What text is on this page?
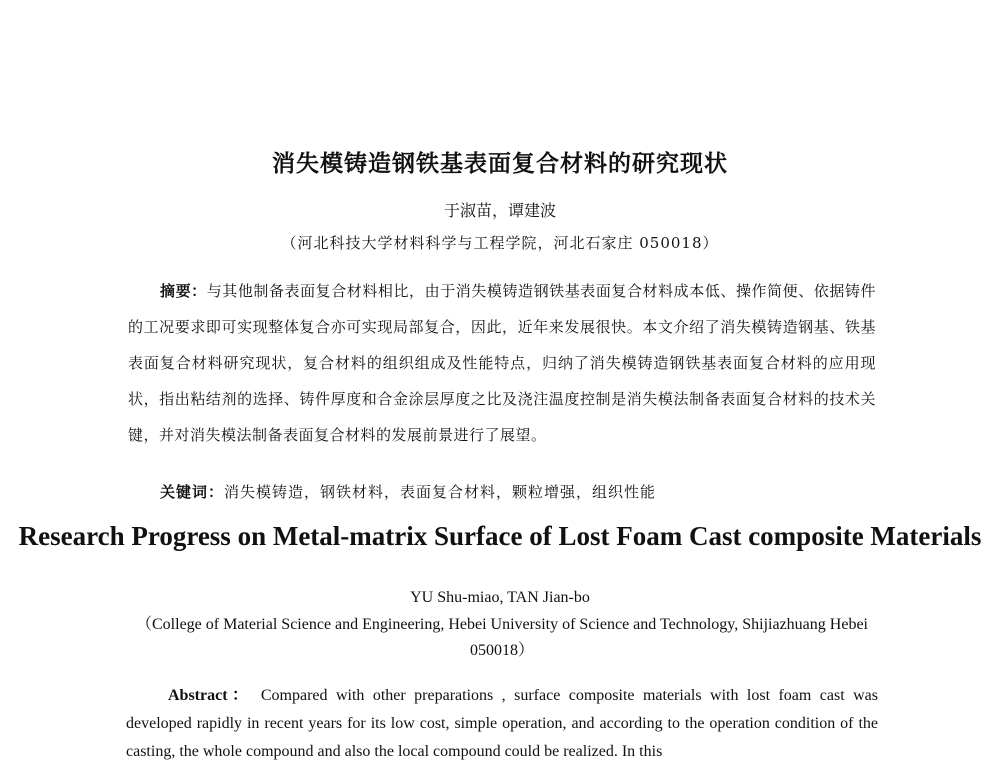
消失模铸造钢铁基表面复合材料的研究现状
于淑苗，谭建波
（河北科技大学材料科学与工程学院，河北石家庄 050018）
摘要：与其他制备表面复合材料相比，由于消失模铸造钢铁基表面复合材料成本低、操作简便、依据铸件的工况要求即可实现整体复合亦可实现局部复合，因此，近年来发展很快。本文介绍了消失模铸造钢基、铁基表面复合材料研究现状，复合材料的组织组成及性能特点，归纳了消失模铸造钢铁基表面复合材料的应用现状，指出粘结剂的选择、铸件厚度和合金涂层厚度之比及浇注温度控制是消失模法制备表面复合材料的技术关键，并对消失模法制备表面复合材料的发展前景进行了展望。
关键词：消失模铸造，钢铁材料，表面复合材料，颗粒增强，组织性能
Research Progress on Metal-matrix Surface of Lost Foam Cast composite Materials
YU Shu-miao, TAN Jian-bo
（College of Material Science and Engineering, Hebei University of Science and Technology, Shijiazhuang Hebei 050018）
Abstract： Compared with other preparations , surface composite materials with lost foam cast was developed rapidly in recent years for its low cost, simple operation, and according to the operation condition of the casting, the whole compound and also the local compound could be realized. In this
